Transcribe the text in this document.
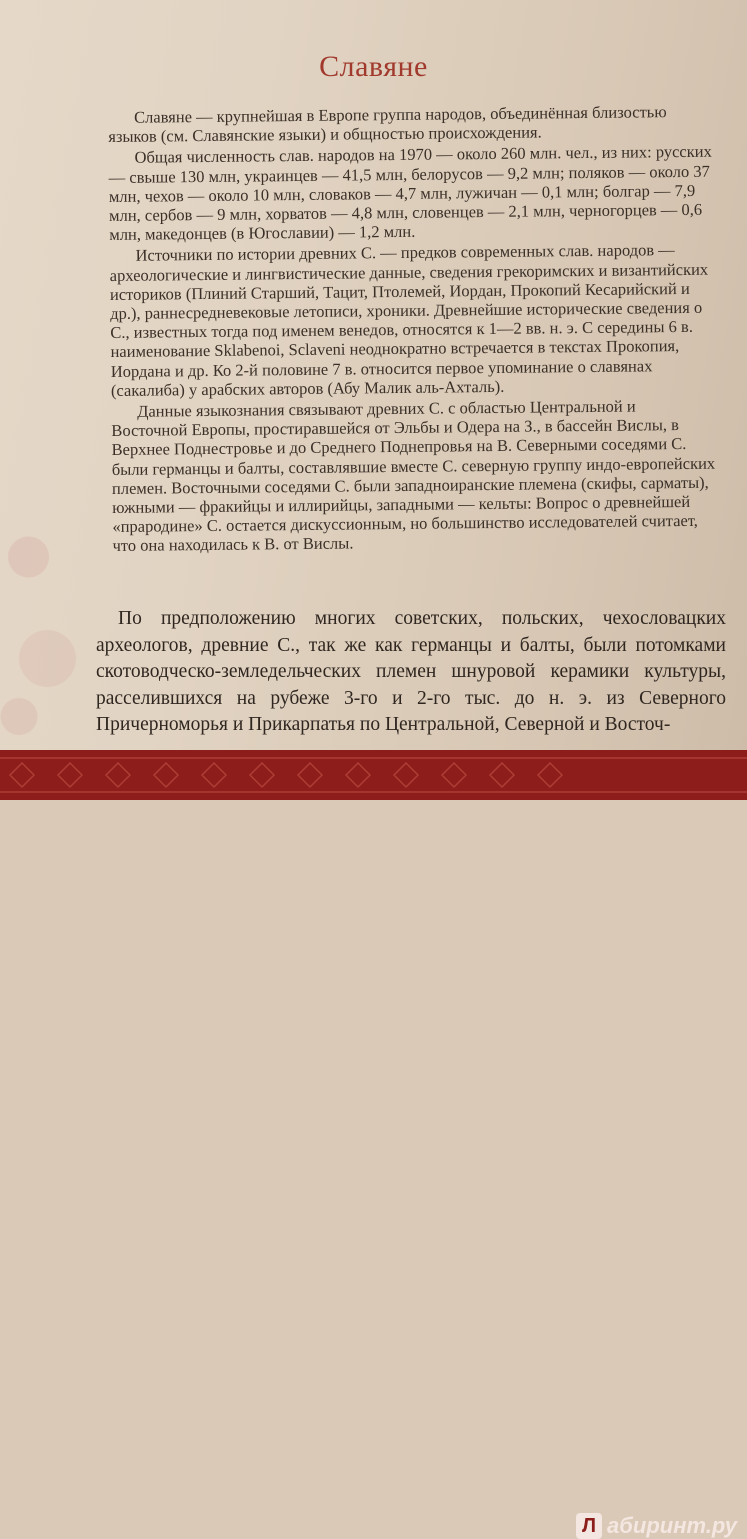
Славяне

Славяне — крупнейшая в Европе группа народов, объединённая близостью языков (см. Славянские языки) и общностью происхождения.

Общая численность слав. народов на 1970 — около 260 млн. чел., из них: русских — свыше 130 млн, украинцев — 41,5 млн, белорусов — 9,2 млн; поляков — около 37 млн, чехов — около 10 млн, словаков — 4,7 млн, лужичан — 0,1 млн; болгар — 7,9 млн, сербов — 9 млн, хорватов — 4,8 млн, словенцев — 2,1 млн, черногорцев — 0,6 млн, македонцев (в Югославии) — 1,2 млн.

Источники по истории древних С. — предков современных слав. народов — археологические и лингвистические данные, сведения грекоримских и византийских историков (Плиний Старший, Тацит, Птолемей, Иордан, Прокопий Кесарийский и др.), раннесредневековые летописи, хроники. Древнейшие исторические сведения о С., известных тогда под именем венедов, относятся к 1—2 вв. н. э. С середины 6 в. наименование Sklabenoi, Sclaveni неоднократно встречается в текстах Прокопия, Иордана и др. Ко 2-й половине 7 в. относится первое упоминание о славянах (сакалиба) у арабских авторов (Абу Малик аль-Ахталь).

Данные языкознания связывают древних С. с областью Центральной и Восточной Европы, простиравшейся от Эльбы и Одера на З., в бассейн Вислы, в Верхнее Поднестровье и до Среднего Поднепровья на В. Северными соседями С. были германцы и балты, составлявшие вместе С. северную группу индо-европейских племен. Восточными соседями С. были западноиранские племена (скифы, сарматы), южными — фракийцы и иллирийцы, западными — кельты: Вопрос о древнейшей «прародине» С. остается дискуссионным, но большинство исследователей считает, что она находилась к В. от Вислы.

По предположению многих советских, польских, чехословацких археологов, древние С., так же как германцы и балты, были потомками скотоводческо-земледельческих племен шнуровой керамики культуры, расселившихся на рубеже 3-го и 2-го тыс. до н. э. из Северного Причерноморья и Прикарпатья по Центральной, Северной и Восточ-

Л абиринт.ру
